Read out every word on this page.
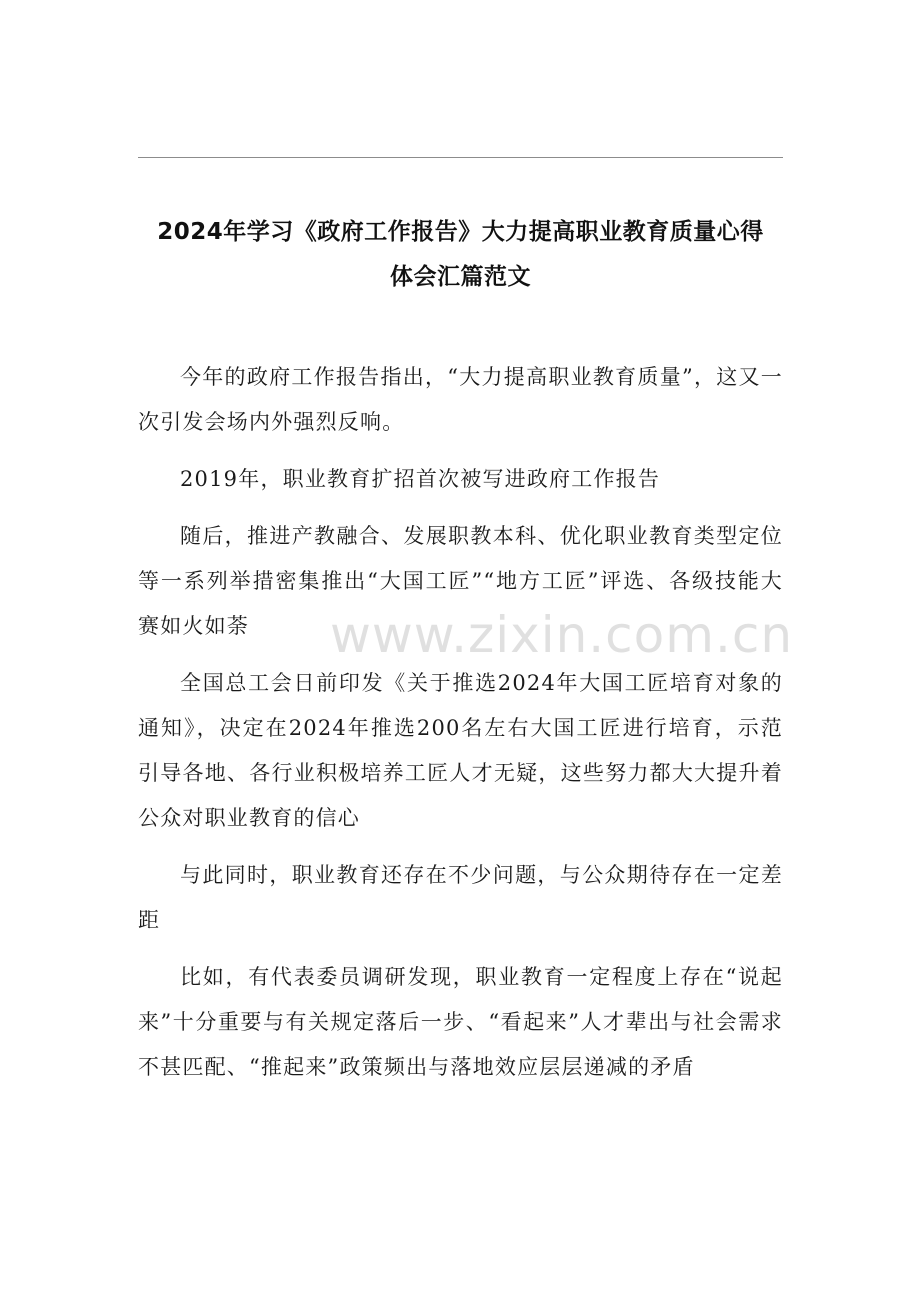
2024年学习《政府工作报告》大力提高职业教育质量心得
体会汇篇范文

今年的政府工作报告指出，“大力提高职业教育质量”，这又一次引发会场内外强烈反响。

2019年，职业教育扩招首次被写进政府工作报告

随后，推进产教融合、发展职教本科、优化职业教育类型定位等一系列举措密集推出“大国工匠”“地方工匠”评选、各级技能大赛如火如荼

全国总工会日前印发《关于推选2024年大国工匠培育对象的通知》，决定在2024年推选200名左右大国工匠进行培育，示范引导各地、各行业积极培养工匠人才无疑，这些努力都大大提升着公众对职业教育的信心

与此同时，职业教育还存在不少问题，与公众期待存在一定差距

比如，有代表委员调研发现，职业教育一定程度上存在“说起来”十分重要与有关规定落后一步、“看起来”人才辈出与社会需求不甚匹配、“推起来”政策频出与落地效应层层递减的矛盾

www.zixin.com.cn
